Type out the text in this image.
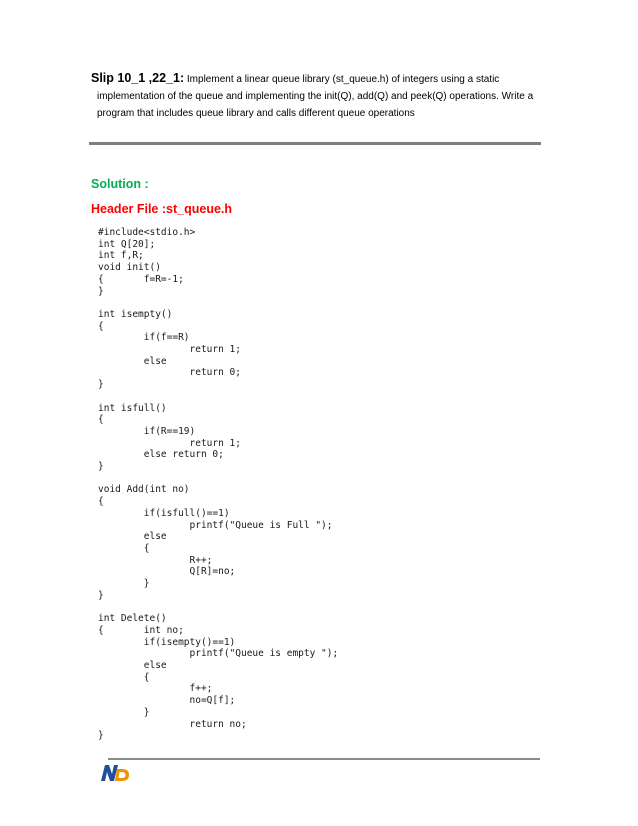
Slip 10_1 ,22_1: Implement a linear queue library (st_queue.h) of integers using a static
implementation of the queue and implementing the init(Q), add(Q) and peek(Q) operations. Write a
program that includes queue library and calls different queue operations
Solution :
Header File :st_queue.h
#include<stdio.h>
int Q[20];
int f,R;
void init()
{       f=R=-1;
}

int isempty()
{
if(f==R)
return 1;
else
return 0;
}

int isfull()
{
if(R==19)
return 1;
else return 0;
}

void Add(int no)
{
if(isfull()==1)
printf("Queue is Full ");
else
{
R++;
Q[R]=no;
}
}

int Delete()
{       int no;
if(isempty()==1)
printf("Queue is empty ");
else
{
f++;
no=Q[f];
}
return no;
}
